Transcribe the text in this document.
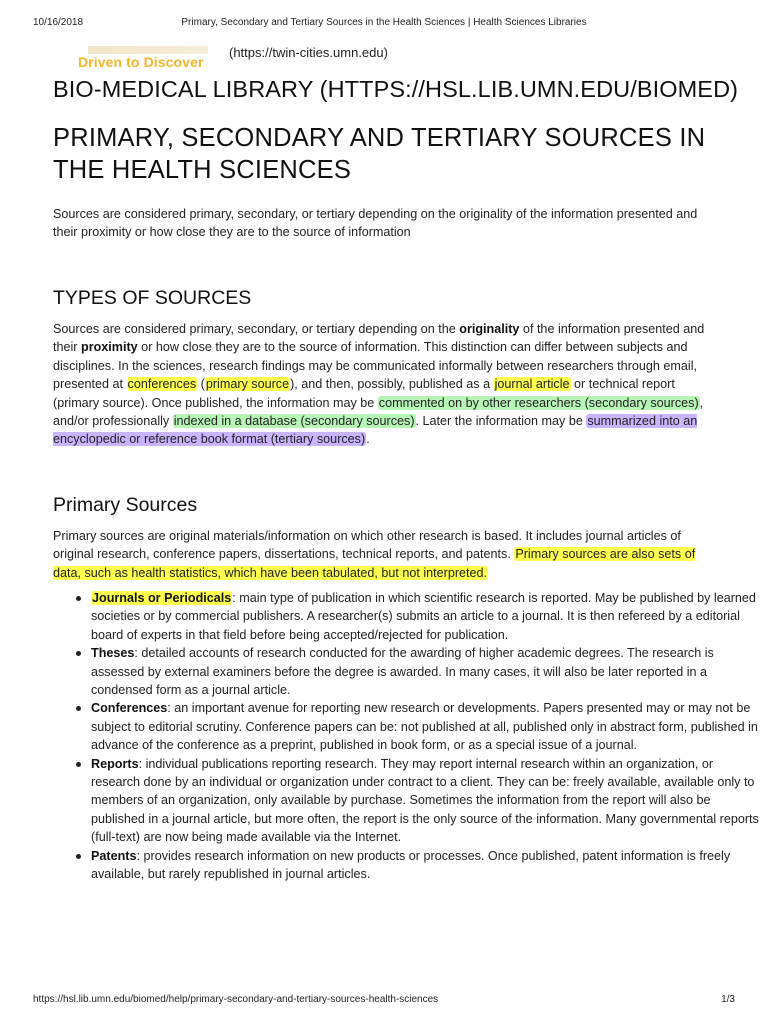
10/16/2018	Primary, Secondary and Tertiary Sources in the Health Sciences | Health Sciences Libraries
Driven to Discover
(https://twin-cities.umn.edu)
BIO-MEDICAL LIBRARY (HTTPS://HSL.LIB.UMN.EDU/BIOMED)
PRIMARY, SECONDARY AND TERTIARY SOURCES IN THE HEALTH SCIENCES
Sources are considered primary, secondary, or tertiary depending on the originality of the information presented and their proximity or how close they are to the source of information
TYPES OF SOURCES
Sources are considered primary, secondary, or tertiary depending on the originality of the information presented and their proximity or how close they are to the source of information. This distinction can differ between subjects and disciplines. In the sciences, research findings may be communicated informally between researchers through email, presented at conferences (primary source), and then, possibly, published as a journal article or technical report (primary source). Once published, the information may be commented on by other researchers (secondary sources), and/or professionally indexed in a database (secondary sources). Later the information may be summarized into an encyclopedic or reference book format (tertiary sources).
Primary Sources
Primary sources are original materials/information on which other research is based. It includes journal articles of original research, conference papers, dissertations, technical reports, and patents. Primary sources are also sets of data, such as health statistics, which have been tabulated, but not interpreted.
Journals or Periodicals: main type of publication in which scientific research is reported. May be published by learned societies or by commercial publishers. A researcher(s) submits an article to a journal. It is then refereed by a editorial board of experts in that field before being accepted/rejected for publication.
Theses: detailed accounts of research conducted for the awarding of higher academic degrees. The research is assessed by external examiners before the degree is awarded. In many cases, it will also be later reported in a condensed form as a journal article.
Conferences: an important avenue for reporting new research or developments. Papers presented may or may not be subject to editorial scrutiny. Conference papers can be: not published at all, published only in abstract form, published in advance of the conference as a preprint, published in book form, or as a special issue of a journal.
Reports: individual publications reporting research. They may report internal research within an organization, or research done by an individual or organization under contract to a client. They can be: freely available, available only to members of an organization, only available by purchase. Sometimes the information from the report will also be published in a journal article, but more often, the report is the only source of the information. Many governmental reports (full-text) are now being made available via the Internet.
Patents: provides research information on new products or processes. Once published, patent information is freely available, but rarely republished in journal articles.
https://hsl.lib.umn.edu/biomed/help/primary-secondary-and-tertiary-sources-health-sciences	1/3
